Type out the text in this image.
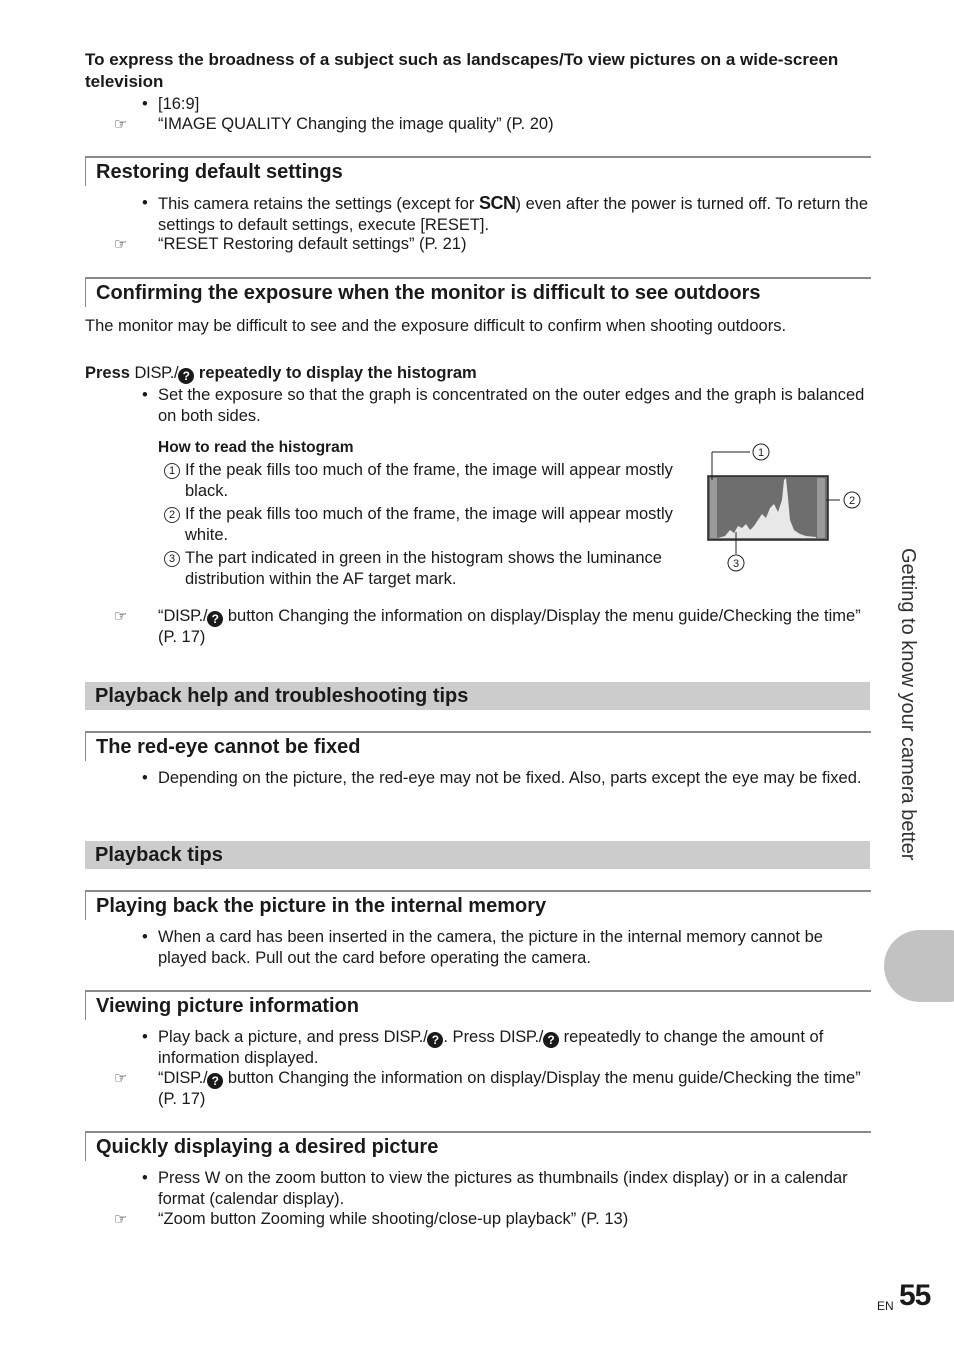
To express the broadness of a subject such as landscapes/To view pictures on a wide-screen television
• [16:9]
☞ “IMAGE QUALITY Changing the image quality” (P. 20)
Restoring default settings
• This camera retains the settings (except for SCN) even after the power is turned off. To return the settings to default settings, execute [RESET].
☞ “RESET Restoring default settings” (P. 21)
Confirming the exposure when the monitor is difficult to see outdoors
The monitor may be difficult to see and the exposure difficult to confirm when shooting outdoors.
Press DISP./ ? repeatedly to display the histogram
• Set the exposure so that the graph is concentrated on the outer edges and the graph is balanced on both sides.
How to read the histogram
1 If the peak fills too much of the frame, the image will appear mostly black.
2 If the peak fills too much of the frame, the image will appear mostly white.
3 The part indicated in green in the histogram shows the luminance distribution within the AF target mark.
1
2
3
☞ “DISP./ ? button Changing the information on display/Display the menu guide/Checking the time” (P. 17)
Playback help and troubleshooting tips
The red-eye cannot be fixed
• Depending on the picture, the red-eye may not be fixed. Also, parts except the eye may be fixed.
Playback tips
Playing back the picture in the internal memory
• When a card has been inserted in the camera, the picture in the internal memory cannot be played back. Pull out the card before operating the camera.
Viewing picture information
• Play back a picture, and press DISP./ ? . Press DISP./ ? repeatedly to change the amount of information displayed.
☞ “DISP./ ? button Changing the information on display/Display the menu guide/Checking the time” (P. 17)
Quickly displaying a desired picture
• Press W on the zoom button to view the pictures as thumbnails (index display) or in a calendar format (calendar display).
☞ “Zoom button Zooming while shooting/close-up playback” (P. 13)
Getting to know your camera better
EN 55
